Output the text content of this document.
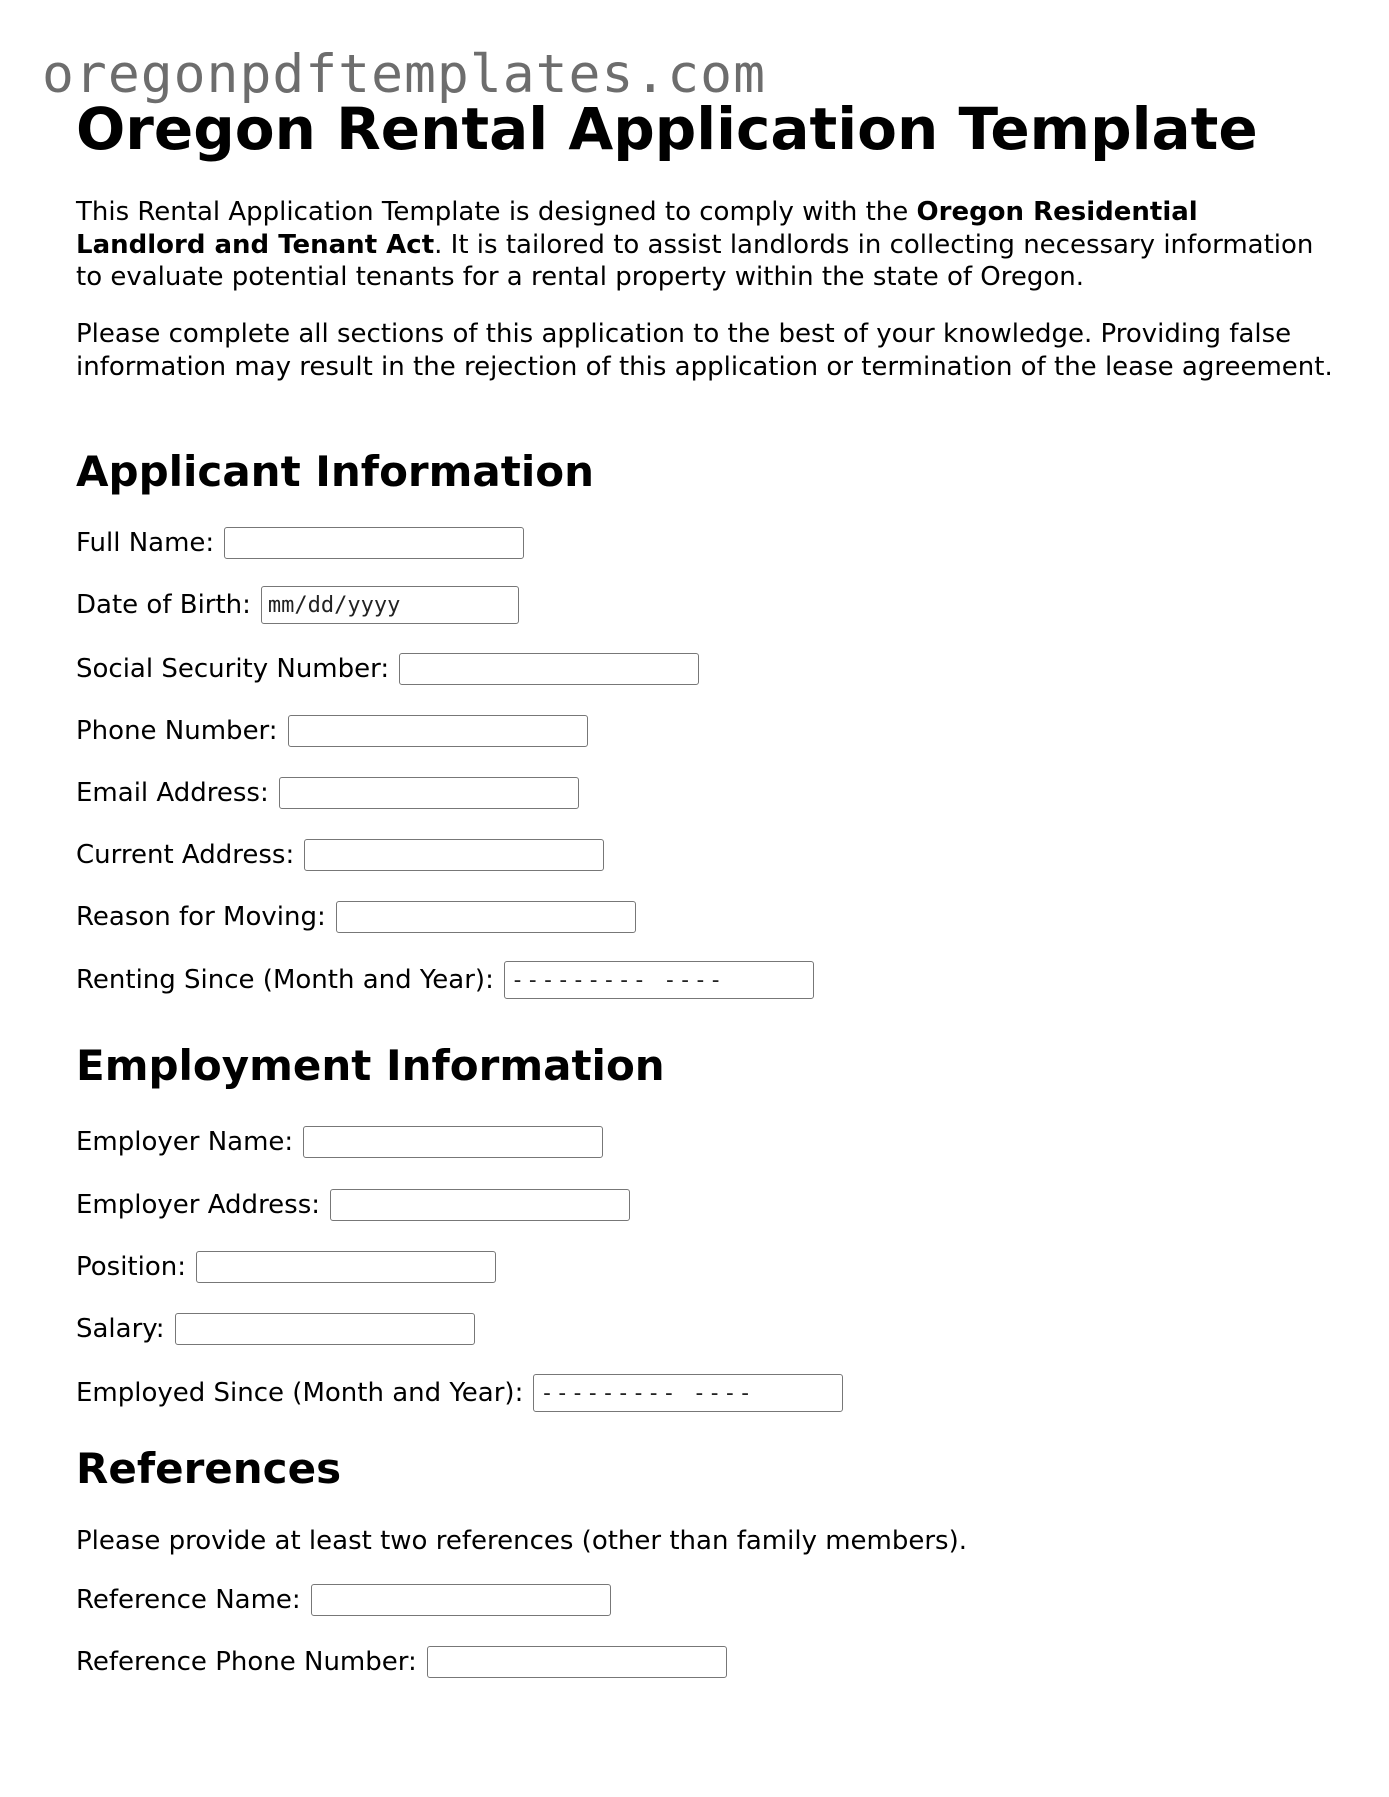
oregonpdftemplates.com

Oregon Rental Application Template

This Rental Application Template is designed to comply with the Oregon Residential Landlord and Tenant Act. It is tailored to assist landlords in collecting necessary information to evaluate potential tenants for a rental property within the state of Oregon.

Please complete all sections of this application to the best of your knowledge. Providing false information may result in the rejection of this application or termination of the lease agreement.

Applicant Information
Full Name:
Date of Birth:
mm/dd/yyyy
Social Security Number:
Phone Number:
Email Address:
Current Address:
Reason for Moving:
Renting Since (Month and Year):
--------- ----
Employment Information
Employer Name:
Employer Address:
Position:
Salary:
Employed Since (Month and Year):
--------- ----
References

Please provide at least two references (other than family members).

Reference Name:
Reference Phone Number:
